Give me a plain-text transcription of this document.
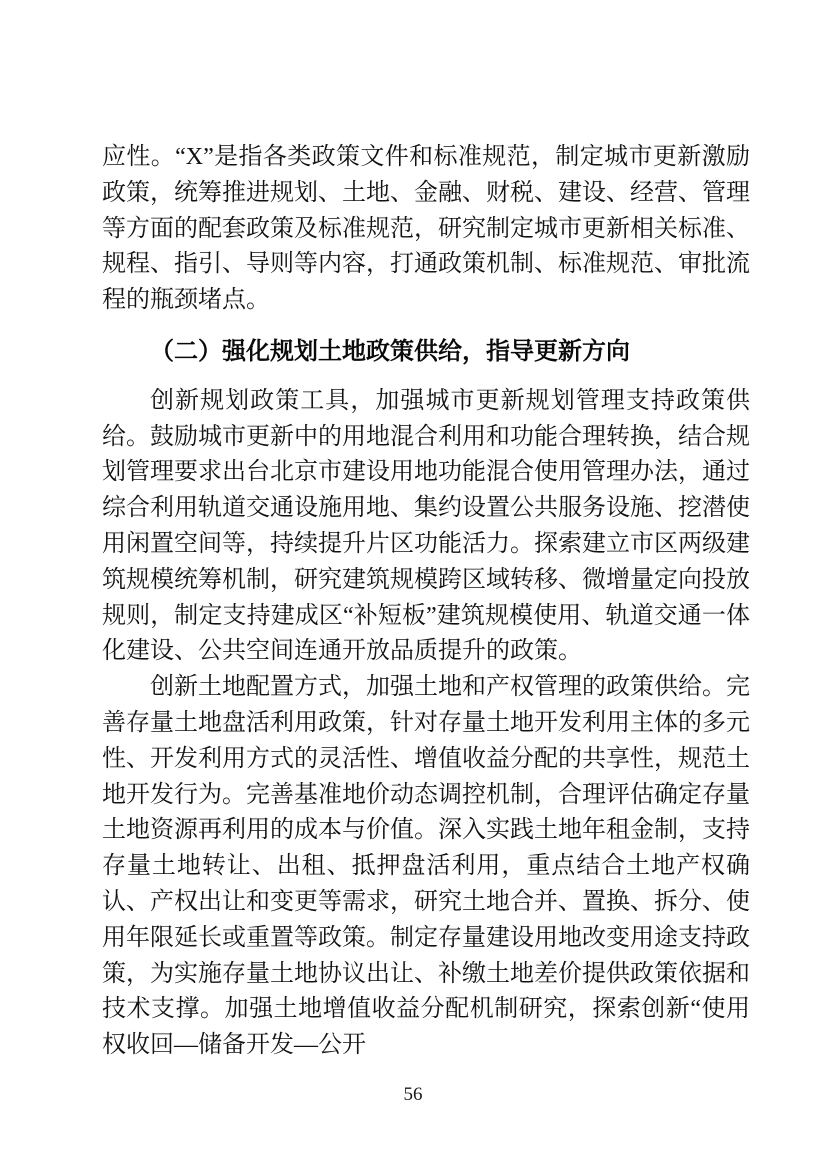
应性。“X”是指各类政策文件和标准规范，制定城市更新激励政策，统筹推进规划、土地、金融、财税、建设、经营、管理等方面的配套政策及标准规范，研究制定城市更新相关标准、规程、指引、导则等内容，打通政策机制、标准规范、审批流程的瓶颈堵点。

（二）强化规划土地政策供给，指导更新方向

创新规划政策工具，加强城市更新规划管理支持政策供给。鼓励城市更新中的用地混合利用和功能合理转换，结合规划管理要求出台北京市建设用地功能混合使用管理办法，通过综合利用轨道交通设施用地、集约设置公共服务设施、挖潜使用闲置空间等，持续提升片区功能活力。探索建立市区两级建筑规模统筹机制，研究建筑规模跨区域转移、微增量定向投放规则，制定支持建成区“补短板”建筑规模使用、轨道交通一体化建设、公共空间连通开放品质提升的政策。

创新土地配置方式，加强土地和产权管理的政策供给。完善存量土地盘活利用政策，针对存量土地开发利用主体的多元性、开发利用方式的灵活性、增值收益分配的共享性，规范土地开发行为。完善基准地价动态调控机制，合理评估确定存量土地资源再利用的成本与价值。深入实践土地年租金制，支持存量土地转让、出租、抵押盘活利用，重点结合土地产权确认、产权出让和变更等需求，研究土地合并、置换、拆分、使用年限延长或重置等政策。制定存量建设用地改变用途支持政策，为实施存量土地协议出让、补缴土地差价提供政策依据和技术支撑。加强土地增值收益分配机制研究，探索创新“使用权收回—储备开发—公开

56
